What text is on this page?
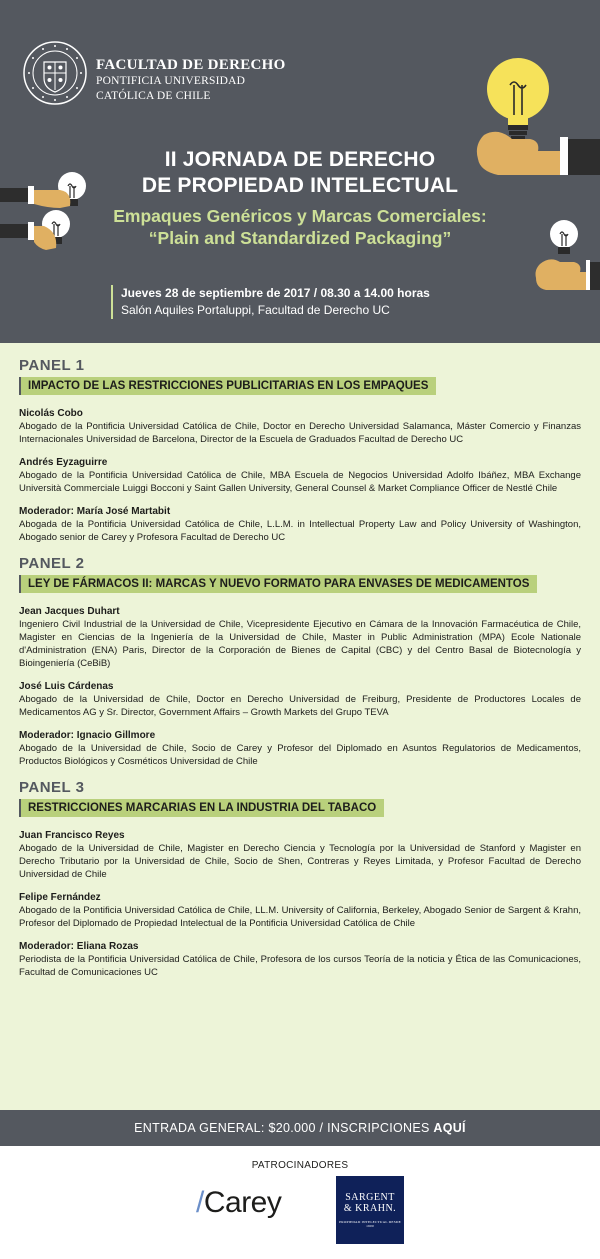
FACULTAD DE DERECHO
PONTIFICIA UNIVERSIDAD
CATÓLICA DE CHILE
II JORNADA DE DERECHO
DE PROPIEDAD INTELECTUAL
Empaques Genéricos y Marcas Comerciales:
“Plain and Standardized Packaging”
Jueves 28 de septiembre de 2017 / 08.30 a 14.00 horas
Salón Aquiles Portaluppi, Facultad de Derecho UC
PANEL 1
IMPACTO DE LAS RESTRICCIONES PUBLICITARIAS EN LOS EMPAQUES
Nicolás Cobo
Abogado de la Pontificia Universidad Católica de Chile, Doctor en Derecho Universidad Salamanca, Máster Comercio y Finanzas Internacionales Universidad de Barcelona, Director de la Escuela de Graduados Facultad de Derecho UC
Andrés Eyzaguirre
Abogado de la Pontificia Universidad Católica de Chile, MBA Escuela de Negocios Universidad Adolfo Ibáñez, MBA Exchange Università Commerciale Luiggi Bocconi y Saint Gallen University, General Counsel & Market Compliance Officer de Nestlé Chile
Moderador: María José Martabit
Abogada de la Pontificia Universidad Católica de Chile, L.L.M. in Intellectual Property Law and Policy University of Washington, Abogado senior de Carey y Profesora Facultad de Derecho UC
PANEL 2
LEY DE FÁRMACOS II: MARCAS Y NUEVO FORMATO PARA ENVASES DE MEDICAMENTOS
Jean Jacques Duhart
Ingeniero Civil Industrial de la Universidad de Chile, Vicepresidente Ejecutivo en Cámara de la Innovación Farmacéutica de Chile, Magister en Ciencias de la Ingeniería de la Universidad de Chile, Master in Public Administration (MPA) Ecole Nationale d'Administration (ENA) Paris, Director de la Corporación de Bienes de Capital (CBC) y del Centro Basal de Biotecnología y Bioingeniería (CeBiB)
José Luis Cárdenas
Abogado de la Universidad de Chile, Doctor en Derecho Universidad de Freiburg, Presidente de Productores Locales de Medicamentos AG y Sr. Director, Government Affairs – Growth Markets del Grupo TEVA
Moderador: Ignacio Gillmore
Abogado de la Universidad de Chile, Socio de Carey y Profesor del Diplomado en Asuntos Regulatorios de Medicamentos, Productos Biológicos y Cosméticos Universidad de Chile
PANEL 3
RESTRICCIONES MARCARIAS EN LA INDUSTRIA DEL TABACO
Juan Francisco Reyes
Abogado de la Universidad de Chile, Magister en Derecho Ciencia y Tecnología por la Universidad de Stanford y Magister en Derecho Tributario por la Universidad de Chile, Socio de Shen, Contreras y Reyes Limitada, y Profesor Facultad de Derecho Universidad de Chile
Felipe Fernández
Abogado de la Pontificia Universidad Católica de Chile, LL.M. University of California, Berkeley, Abogado Senior de Sargent & Krahn, Profesor del Diplomado de Propiedad Intelectual de la Pontificia Universidad Católica de Chile
Moderador: Eliana Rozas
Periodista de la Pontificia Universidad Católica de Chile, Profesora de los cursos Teoría de la noticia y Ética de las Comunicaciones, Facultad de Comunicaciones UC
ENTRADA GENERAL: $20.000 / INSCRIPCIONES AQUÍ
PATROCINADORES
/Carey	SARGENT
& KRAHN.
PROPIEDAD INTELECTUAL DESDE 1900
